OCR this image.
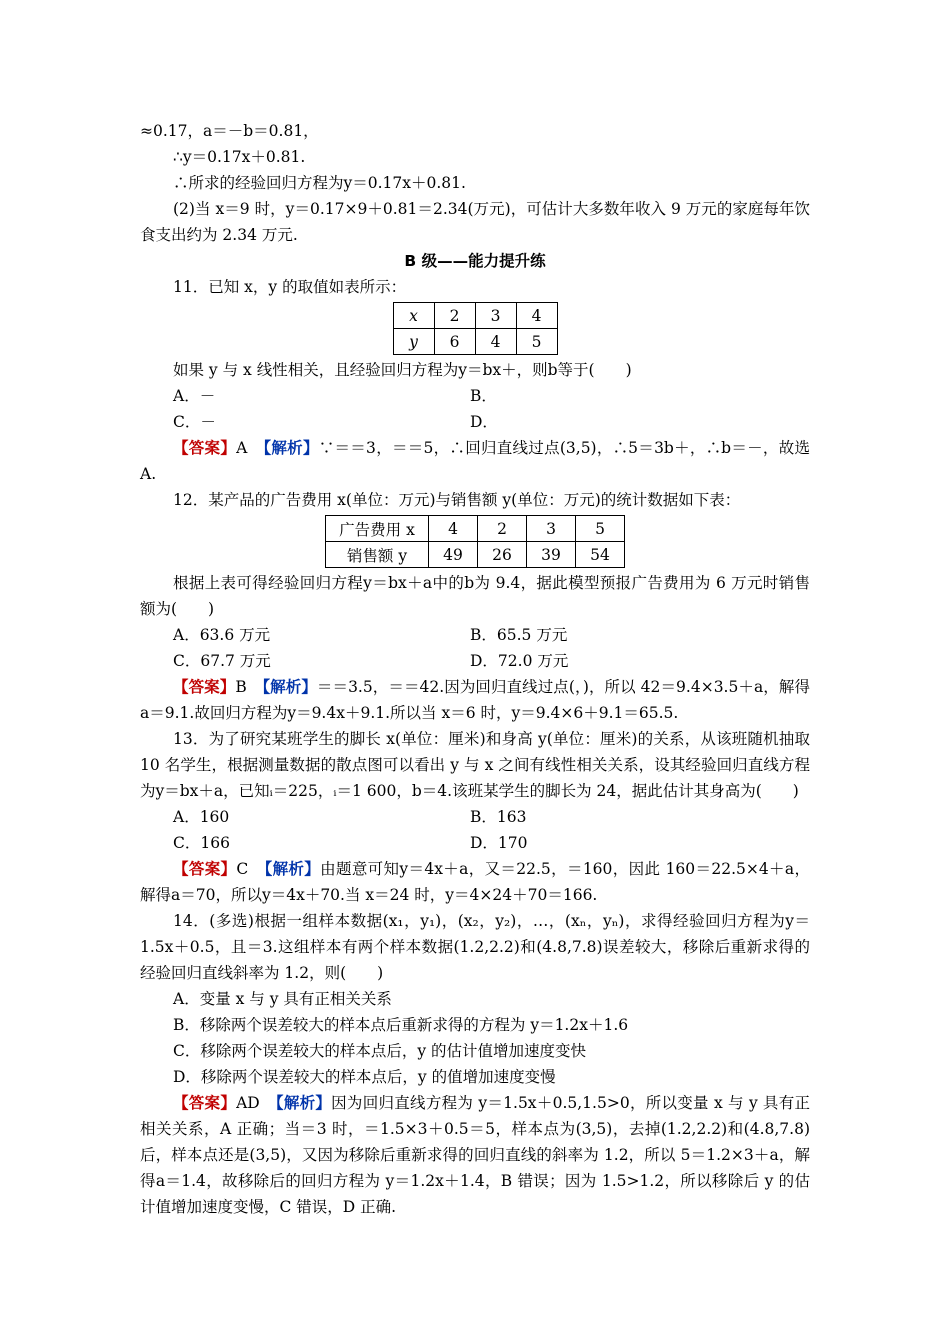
≈0.17，a＝－b＝0.81，
∴y＝0.17x＋0.81.
∴所求的经验回归方程为y＝0.17x＋0.81.
(2)当 x＝9 时，y＝0.17×9＋0.81＝2.34(万元)，可估计大多数年收入 9 万元的家庭每年饮食支出约为 2.34 万元.
B 级——能力提升练
11．已知 x，y 的取值如表所示：
x	2	3	4
y	6	4	5
如果 y 与 x 线性相关，且经验回归方程为y＝bx＋，则b等于(　　)
A．－	B．
C．－	D．
【答案】A　 【解析】∵＝＝3，＝＝5，∴回归直线过点(3,5)，∴5＝3b＋，∴b＝－，故选 A.
12．某产品的广告费用 x(单位：万元)与销售额 y(单位：万元)的统计数据如下表：
广告费用 x	4	2	3	5
销售额 y	49	26	39	54
根据上表可得经验回归方程y＝bx＋a中的b为 9.4，据此模型预报广告费用为 6 万元时销售额为(　　)
A．63.6 万元	B．65.5 万元
C．67.7 万元	D．72.0 万元
【答案】B　 【解析】＝＝3.5，＝＝42.因为回归直线过点(，)，所以 42＝9.4×3.5＋a，解得a＝9.1.故回归方程为y＝9.4x＋9.1.所以当 x＝6 时，y＝9.4×6＋9.1＝65.5.
13．为了研究某班学生的脚长 x(单位：厘米)和身高 y(单位：厘米)的关系，从该班随机抽取10 名学生，根据测量数据的散点图可以看出 y 与 x 之间有线性相关关系，设其经验回归直线方程为y＝bx＋a，已知ᵢ＝225，ᵢ＝1 600，b＝4.该班某学生的脚长为 24，据此估计其身高为(　　)
A．160	B．163
C．166	D．170
【答案】C　 【解析】由题意可知y＝4x＋a，又＝22.5，＝160，因此 160＝22.5×4＋a，解得a＝70，所以y＝4x＋70.当 x＝24 时，y＝4×24＋70＝166.
14．(多选)根据一组样本数据(x₁，y₁)，(x₂，y₂)，…，(xₙ，yₙ)，求得经验回归方程为y＝1.5x＋0.5，且＝3.这组样本有两个样本数据(1.2,2.2)和(4.8,7.8)误差较大，移除后重新求得的经验回归直线斜率为 1.2，则(　　)
A．变量 x 与 y 具有正相关关系
B．移除两个误差较大的样本点后重新求得的方程为 y＝1.2x＋1.6
C．移除两个误差较大的样本点后，y 的估计值增加速度变快
D．移除两个误差较大的样本点后，y 的值增加速度变慢
【答案】AD　 【解析】因为回归直线方程为 y＝1.5x＋0.5,1.5>0，所以变量 x 与 y 具有正相关关系，A 正确；当＝3 时，＝1.5×3＋0.5＝5，样本点为(3,5)，去掉(1.2,2.2)和(4.8,7.8)后，样本点还是(3,5)，又因为移除后重新求得的回归直线的斜率为 1.2，所以 5＝1.2×3＋a，解得a＝1.4，故移除后的回归方程为 y＝1.2x＋1.4，B 错误；因为 1.5>1.2，所以移除后 y 的估计值增加速度变慢，C 错误，D 正确.
